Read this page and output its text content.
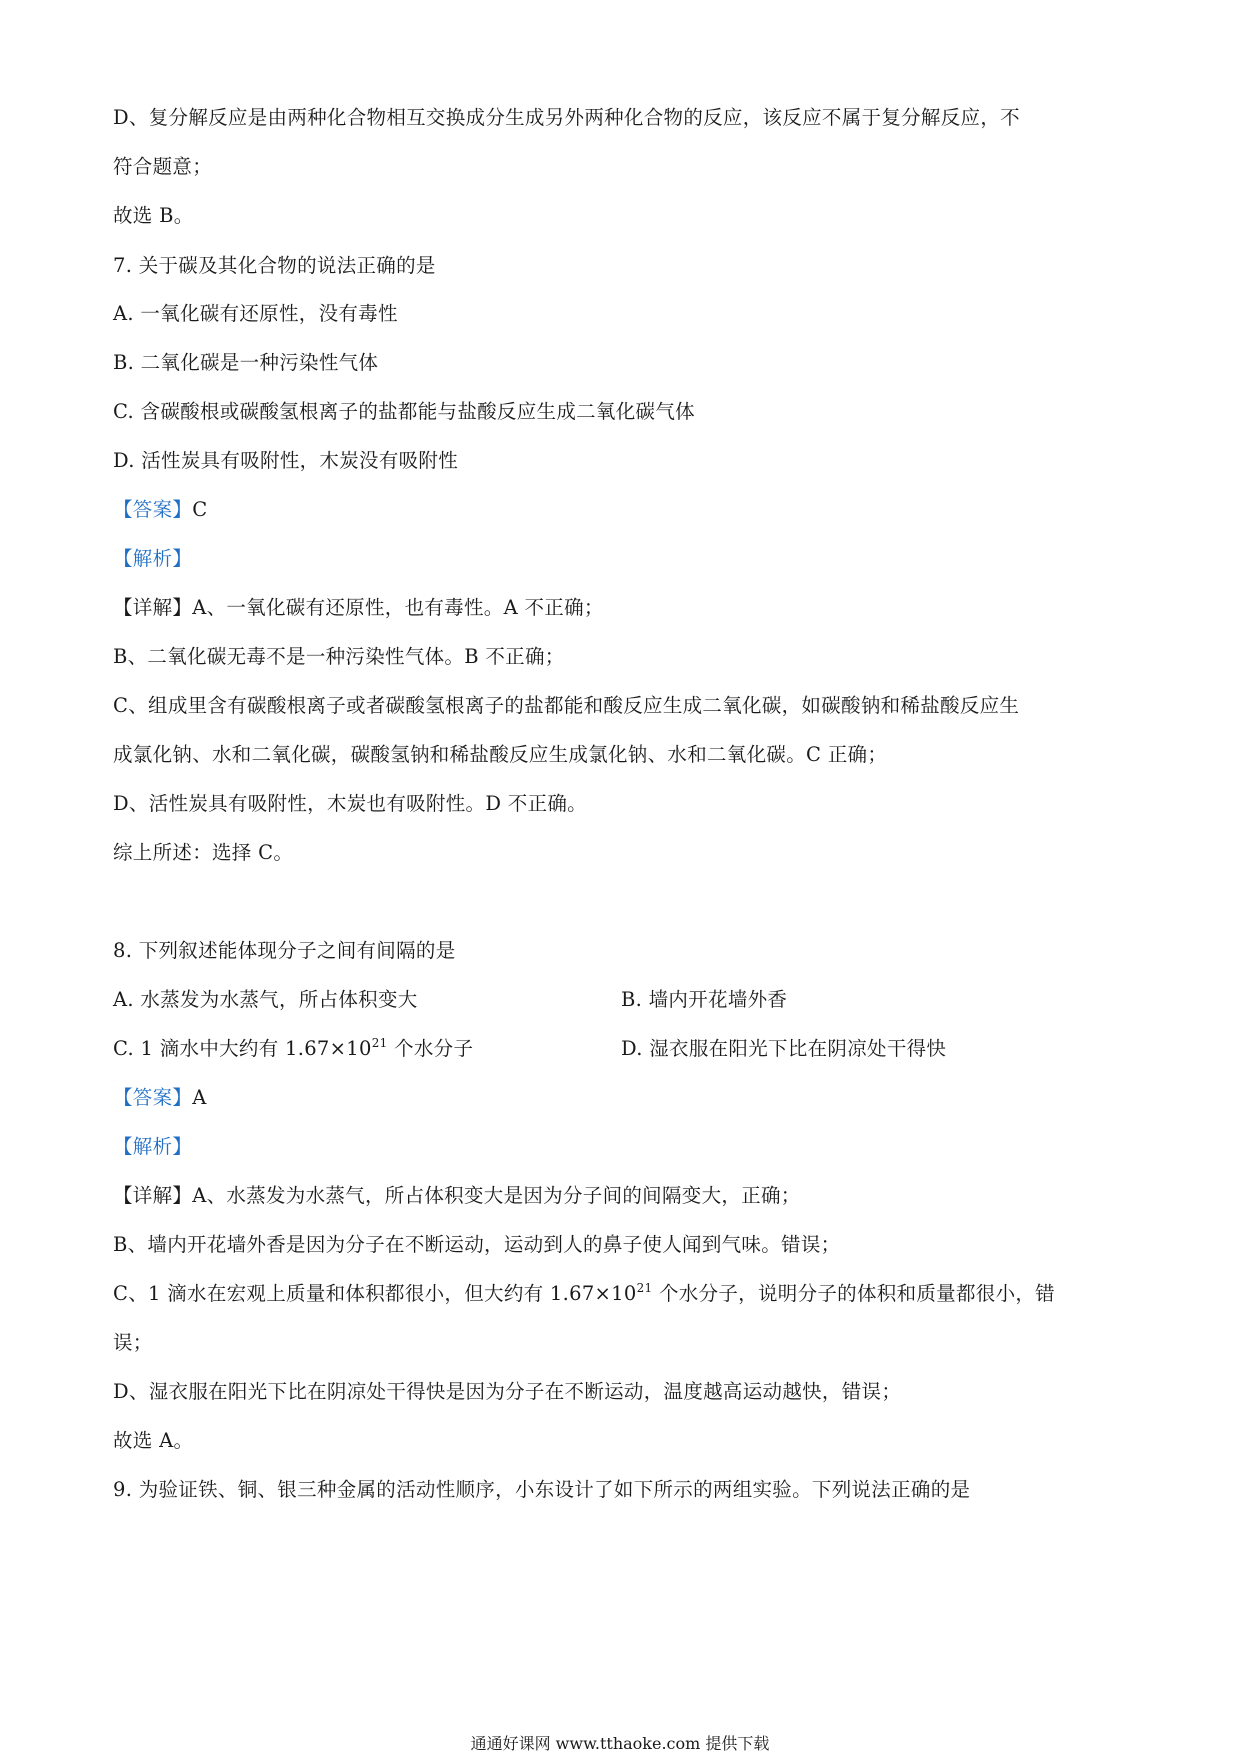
D、复分解反应是由两种化合物相互交换成分生成另外两种化合物的反应，该反应不属于复分解反应，不
符合题意；
故选 B。
7. 关于碳及其化合物的说法正确的是
A. 一氧化碳有还原性，没有毒性
B. 二氧化碳是一种污染性气体
C. 含碳酸根或碳酸氢根离子的盐都能与盐酸反应生成二氧化碳气体
D. 活性炭具有吸附性，木炭没有吸附性
【答案】C
【解析】
【详解】A、一氧化碳有还原性，也有毒性。A 不正确；
B、二氧化碳无毒不是一种污染性气体。B 不正确；
C、组成里含有碳酸根离子或者碳酸氢根离子的盐都能和酸反应生成二氧化碳，如碳酸钠和稀盐酸反应生
成氯化钠、水和二氧化碳，碳酸氢钠和稀盐酸反应生成氯化钠、水和二氧化碳。C 正确；
D、活性炭具有吸附性，木炭也有吸附性。D 不正确。
综上所述：选择 C。
8. 下列叙述能体现分子之间有间隔的是
A. 水蒸发为水蒸气，所占体积变大	B. 墙内开花墙外香
C. 1 滴水中大约有 $1.67\times 10^{21}$ 个水分子	D. 湿衣服在阳光下比在阴凉处干得快
【答案】A
【解析】
【详解】A、水蒸发为水蒸气，所占体积变大是因为分子间的间隔变大，正确；
B、墙内开花墙外香是因为分子在不断运动，运动到人的鼻子使人闻到气味。错误；
C、1 滴水在宏观上质量和体积都很小，但大约有 $1.67\times 10^{21}$ 个水分子，说明分子的体积和质量都很小，错
误；
D、湿衣服在阳光下比在阴凉处干得快是因为分子在不断运动，温度越高运动越快，错误；
故选 A。
9. 为验证铁、铜、银三种金属的活动性顺序，小东设计了如下所示的两组实验。下列说法正确的是
通通好课网 www.tthaoke.com 提供下载
